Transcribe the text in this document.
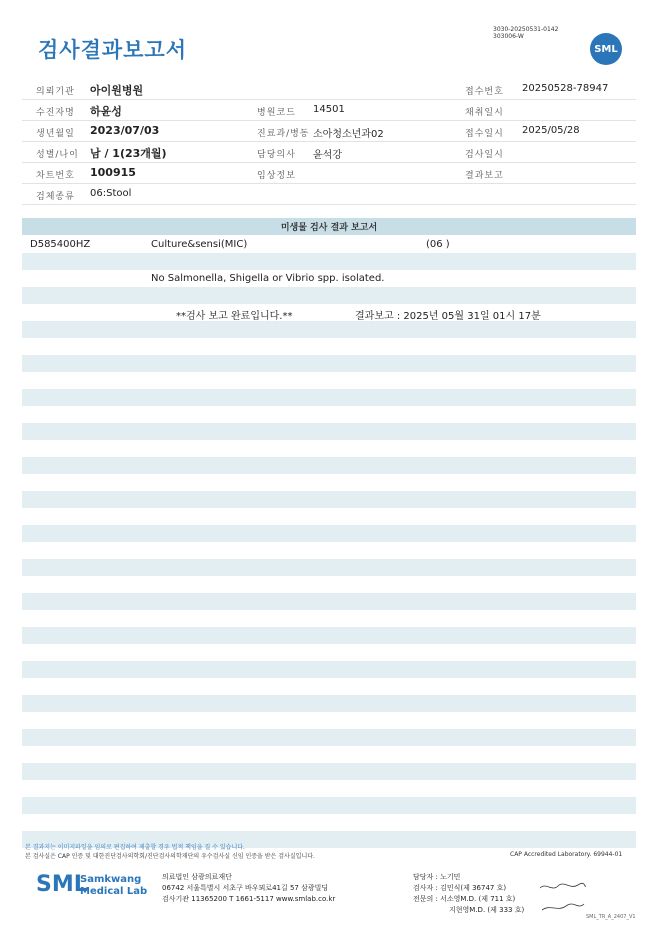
검사결과보고서
3030-20250531-0142
303006-W
SML
의뢰기관 아이원병원	접수번호 20250528-78947
수진자명 하윤성	병원코드 14501	채취일시
생년월일 2023/07/03	진료과/병동 소아청소년과02	접수일시 2025/05/28
성별/나이 남 / 1(23개월)	담당의사 윤석강	검사일시
차트번호 100915	임상정보	결과보고
검체종류 06:Stool
미생물 검사 결과 보고서
D585400HZ	Culture&sensi(MIC)	(06 )
No Salmonella, Shigella or Vibrio spp. isolated.
**검사 보고 완료입니다.**	결과보고 : 2025년 05월 31일 01시 17분
본 결과지는 이미지파일을 임의로 편집하여 제출할 경우 법적 책임을 질 수 있습니다.
본 검사실은 CAP 인증 및 대한진단검사의학회/진단검사의학재단의 우수검사실 신임 인증을 받은 검사실입니다.	CAP Accredited Laboratory. 69944-01
SML
Samkwang
Medical Lab
의료법인 삼광의료재단
06742 서울특별시 서초구 바우뫼로41길 57 삼광빌딩
검사기관 11365200 T 1661-5117 www.smlab.co.kr
담당자 : 노기민
검사자 : 김민식(제 36747 호)
전문의 : 서소영M.D. (제 711 호)
지현영M.D. (제 333 호)
SML_TR_A_2407_V1
